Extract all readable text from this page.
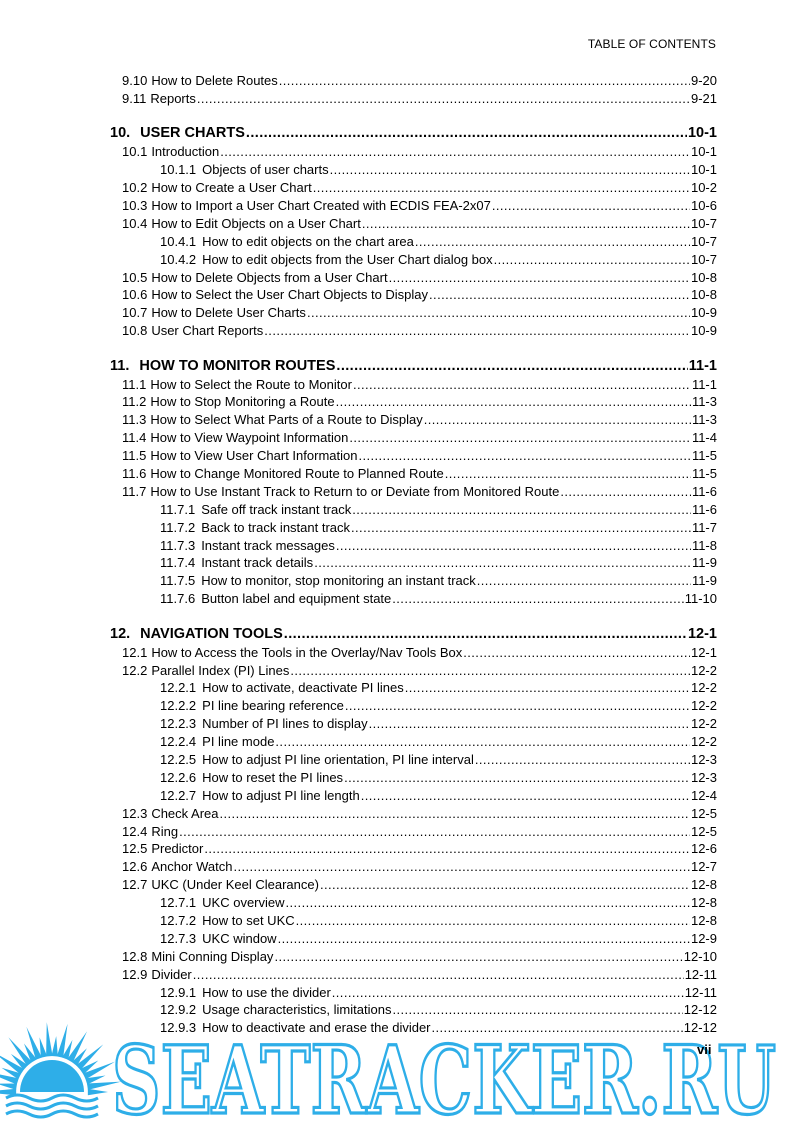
TABLE OF CONTENTS
9.10 How to Delete Routes .....	9-20
9.11 Reports .....	9-21
10. USER CHARTS .....	10-1
10.1 Introduction .....	10-1
10.1.1 Objects of user charts .....	10-1
10.2 How to Create a User Chart .....	10-2
10.3 How to Import a User Chart Created with ECDIS FEA-2x07 .....	10-6
10.4 How to Edit Objects on a User Chart .....	10-7
10.4.1 How to edit objects on the chart area .....	10-7
10.4.2 How to edit objects from the User Chart dialog box .....	10-7
10.5 How to Delete Objects from a User Chart .....	10-8
10.6 How to Select the User Chart Objects to Display .....	10-8
10.7 How to Delete User Charts .....	10-9
10.8 User Chart Reports .....	10-9
11. HOW TO MONITOR ROUTES .....	11-1
11.1 How to Select the Route to Monitor .....	11-1
11.2 How to Stop Monitoring a Route .....	11-3
11.3 How to Select What Parts of a Route to Display .....	11-3
11.4 How to View Waypoint Information .....	11-4
11.5 How to View User Chart Information .....	11-5
11.6 How to Change Monitored Route to Planned Route .....	11-5
11.7 How to Use Instant Track to Return to or Deviate from Monitored Route .....	11-6
11.7.1 Safe off track instant track .....	11-6
11.7.2 Back to track instant track .....	11-7
11.7.3 Instant track messages .....	11-8
11.7.4 Instant track details .....	11-9
11.7.5 How to monitor, stop monitoring an instant track .....	11-9
11.7.6 Button label and equipment state .....	11-10
12. NAVIGATION TOOLS .....	12-1
12.1 How to Access the Tools in the Overlay/Nav Tools Box .....	12-1
12.2 Parallel Index (PI) Lines .....	12-2
12.2.1 How to activate, deactivate PI lines .....	12-2
12.2.2 PI line bearing reference .....	12-2
12.2.3 Number of PI lines to display .....	12-2
12.2.4 PI line mode .....	12-2
12.2.5 How to adjust PI line orientation, PI line interval .....	12-3
12.2.6 How to reset the PI lines .....	12-3
12.2.7 How to adjust PI line length .....	12-4
12.3 Check Area .....	12-5
12.4 Ring .....	12-5
12.5 Predictor .....	12-6
12.6 Anchor Watch .....	12-7
12.7 UKC (Under Keel Clearance) .....	12-8
12.7.1 UKC overview .....	12-8
12.7.2 How to set UKC .....	12-8
12.7.3 UKC window .....	12-9
12.8 Mini Conning Display .....	12-10
12.9 Divider .....	12-11
12.9.1 How to use the divider .....	12-11
12.9.2 Usage characteristics, limitations .....	12-12
12.9.3 How to deactivate and erase the divider .....	12-12
SEATRACKER.RU
vii
